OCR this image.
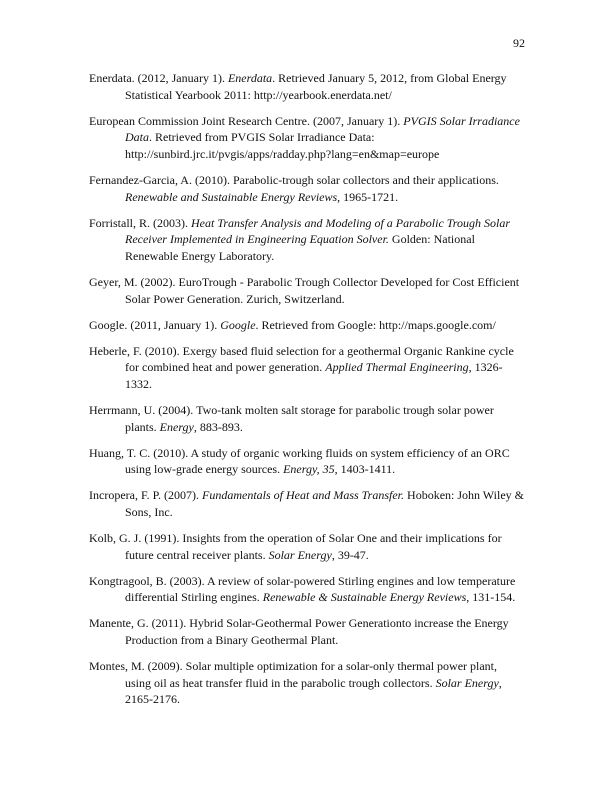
92

Enerdata. (2012, January 1). Enerdata. Retrieved January 5, 2012, from Global Energy Statistical Yearbook 2011: http://yearbook.enerdata.net/

European Commission Joint Research Centre. (2007, January 1). PVGIS Solar Irradiance Data. Retrieved from PVGIS Solar Irradiance Data: http://sunbird.jrc.it/pvgis/apps/radday.php?lang=en&map=europe

Fernandez-Garcia, A. (2010). Parabolic-trough solar collectors and their applications. Renewable and Sustainable Energy Reviews, 1965-1721.

Forristall, R. (2003). Heat Transfer Analysis and Modeling of a Parabolic Trough Solar Receiver Implemented in Engineering Equation Solver. Golden: National Renewable Energy Laboratory.

Geyer, M. (2002). EuroTrough - Parabolic Trough Collector Developed for Cost Efficient Solar Power Generation. Zurich, Switzerland.

Google. (2011, January 1). Google. Retrieved from Google: http://maps.google.com/

Heberle, F. (2010). Exergy based fluid selection for a geothermal Organic Rankine cycle for combined heat and power generation. Applied Thermal Engineering, 1326-1332.

Herrmann, U. (2004). Two-tank molten salt storage for parabolic trough solar power plants. Energy, 883-893.

Huang, T. C. (2010). A study of organic working fluids on system efficiency of an ORC using low-grade energy sources. Energy, 35, 1403-1411.

Incropera, F. P. (2007). Fundamentals of Heat and Mass Transfer. Hoboken: John Wiley & Sons, Inc.

Kolb, G. J. (1991). Insights from the operation of Solar One and their implications for future central receiver plants. Solar Energy, 39-47.

Kongtragool, B. (2003). A review of solar-powered Stirling engines and low temperature differential Stirling engines. Renewable & Sustainable Energy Reviews, 131-154.

Manente, G. (2011). Hybrid Solar-Geothermal Power Generationto increase the Energy Production from a Binary Geothermal Plant.

Montes, M. (2009). Solar multiple optimization for a solar-only thermal power plant, using oil as heat transfer fluid in the parabolic trough collectors. Solar Energy, 2165-2176.
